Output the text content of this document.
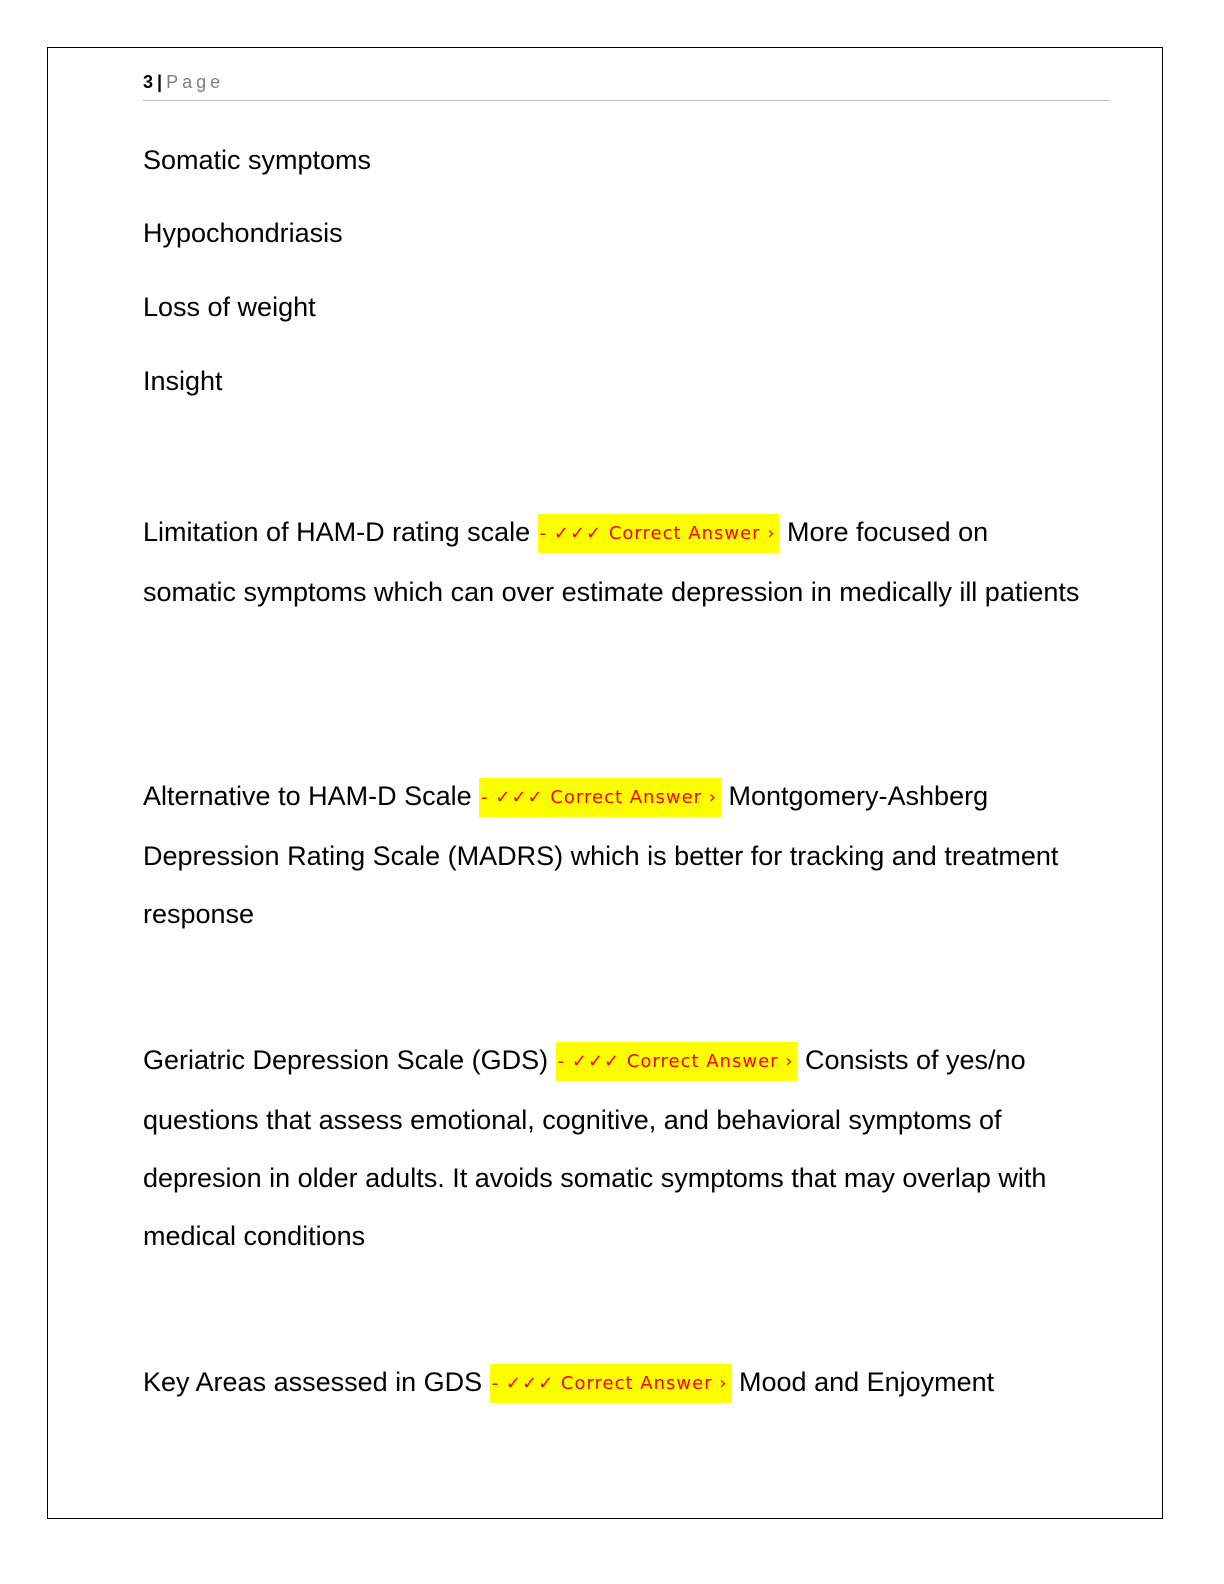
3 | Page
Somatic symptoms
Hypochondriasis
Loss of weight
Insight
Limitation of HAM-D rating scale - ✓✓✓ Correct Answer › More focused on somatic symptoms which can over estimate depression in medically ill patients
Alternative to HAM-D Scale - ✓✓✓ Correct Answer › Montgomery-Ashberg Depression Rating Scale (MADRS) which is better for tracking and treatment response
Geriatric Depression Scale (GDS) - ✓✓✓ Correct Answer › Consists of yes/no questions that assess emotional, cognitive, and behavioral symptoms of depresion in older adults. It avoids somatic symptoms that may overlap with medical conditions
Key Areas assessed in GDS - ✓✓✓ Correct Answer › Mood and Enjoyment
